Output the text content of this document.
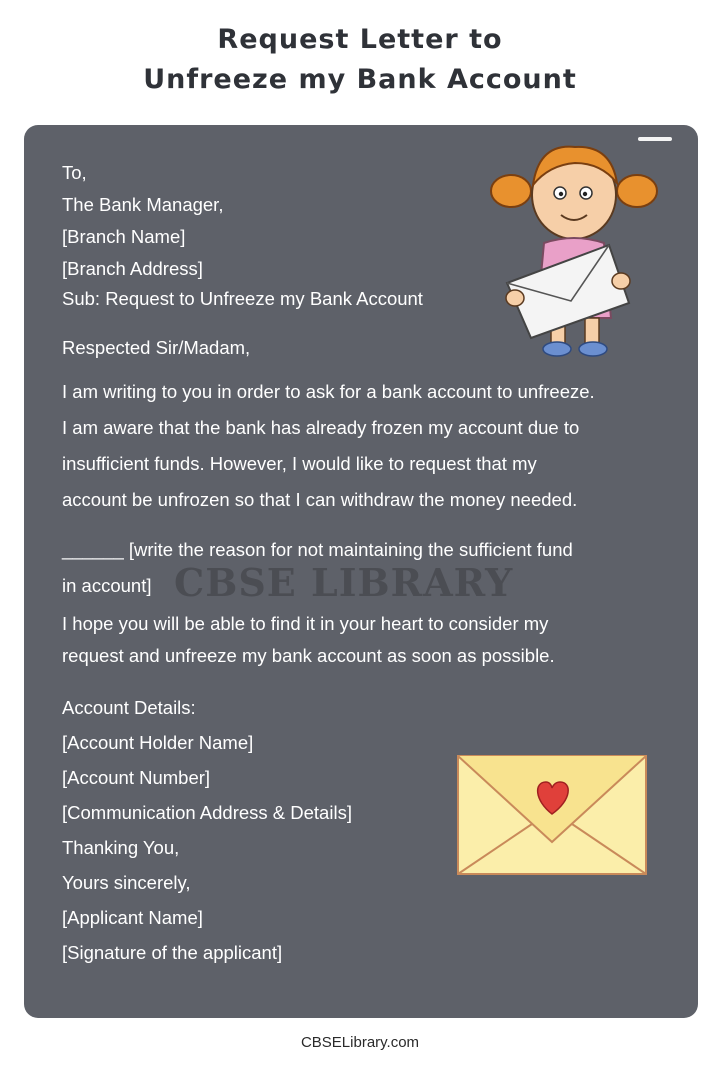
Request Letter to
Unfreeze my Bank Account
CBSE LIBRARY
To,
The Bank Manager,
[Branch Name]
[Branch Address]
Sub: Request to Unfreeze my Bank Account
Respected Sir/Madam,
I am writing to you in order to ask for a bank account to unfreeze.
I am aware that the bank has already frozen my account due to
insufficient funds. However, I would like to request that my
account be unfrozen so that I can withdraw the money needed.
______ [write the reason for not maintaining the sufficient fund
in account]
I hope you will be able to find it in your heart to consider my
request and unfreeze my bank account as soon as possible.
Account Details:
[Account Holder Name]
[Account Number]
[Communication Address & Details]
Thanking You,
Yours sincerely,
[Applicant Name]
[Signature of the applicant]
CBSELibrary.com
